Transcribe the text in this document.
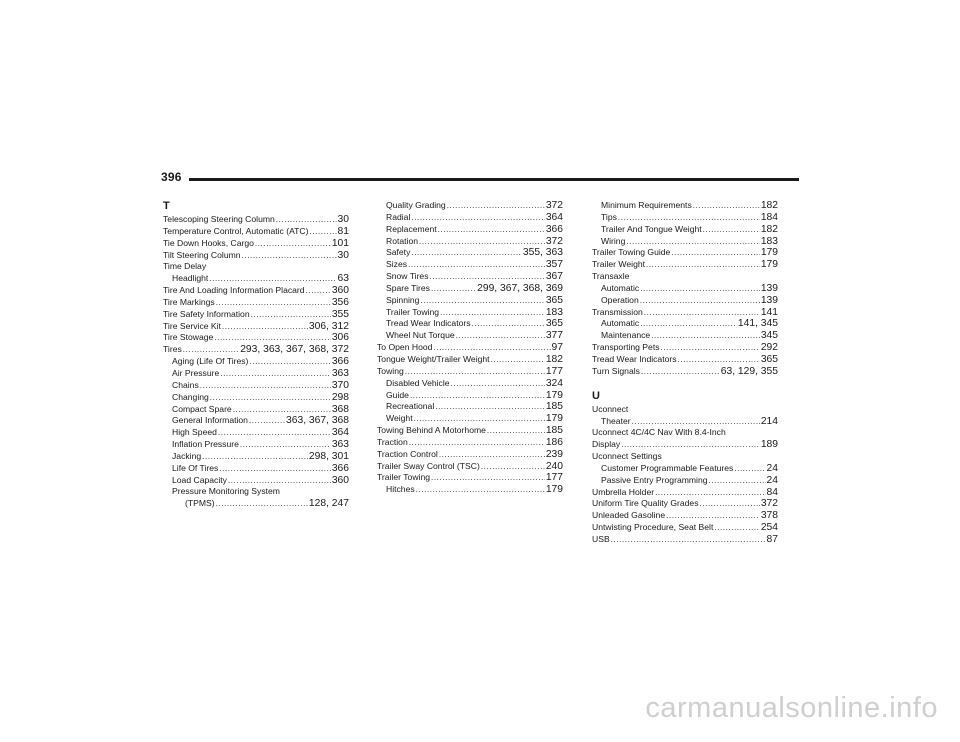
396
T
Telescoping Steering Column .....	30
Temperature Control, Automatic (ATC) .....	81
Tie Down Hooks, Cargo .....	101
Tilt Steering Column .....	30
Time Delay
Headlight .....	63
Tire And Loading Information Placard .....	360
Tire Markings .....	356
Tire Safety Information .....	355
Tire Service Kit .....	306, 312
Tire Stowage .....	306
Tires .....	293, 363, 367, 368, 372
Aging (Life Of Tires) .....	366
Air Pressure .....	363
Chains .....	370
Changing .....	298
Compact Spare .....	368
General Information .....	363, 367, 368
High Speed .....	364
Inflation Pressure .....	363
Jacking .....	298, 301
Life Of Tires .....	366
Load Capacity .....	360
Pressure Monitoring System
(TPMS) .....	128, 247
Quality Grading .....	372
Radial .....	364
Replacement .....	366
Rotation .....	372
Safety .....	355, 363
Sizes .....	357
Snow Tires .....	367
Spare Tires .....	299, 367, 368, 369
Spinning .....	365
Trailer Towing .....	183
Tread Wear Indicators .....	365
Wheel Nut Torque .....	377
To Open Hood .....	97
Tongue Weight/Trailer Weight .....	182
Towing .....	177
Disabled Vehicle .....	324
Guide .....	179
Recreational .....	185
Weight .....	179
Towing Behind A Motorhome .....	185
Traction .....	186
Traction Control .....	239
Trailer Sway Control (TSC) .....	240
Trailer Towing .....	177
Hitches .....	179
Minimum Requirements .....	182
Tips .....	184
Trailer And Tongue Weight .....	182
Wiring .....	183
Trailer Towing Guide .....	179
Trailer Weight .....	179
Transaxle
Automatic .....	139
Operation .....	139
Transmission .....	141
Automatic .....	141, 345
Maintenance .....	345
Transporting Pets .....	292
Tread Wear Indicators .....	365
Turn Signals .....	63, 129, 355
U
Uconnect
Theater .....	214
Uconnect 4C/4C Nav With 8.4-Inch
Display .....	189
Uconnect Settings
Customer Programmable Features .....	24
Passive Entry Programming .....	24
Umbrella Holder .....	84
Uniform Tire Quality Grades .....	372
Unleaded Gasoline .....	378
Untwisting Procedure, Seat Belt .....	254
USB .....	87
carmanualsonline.info
